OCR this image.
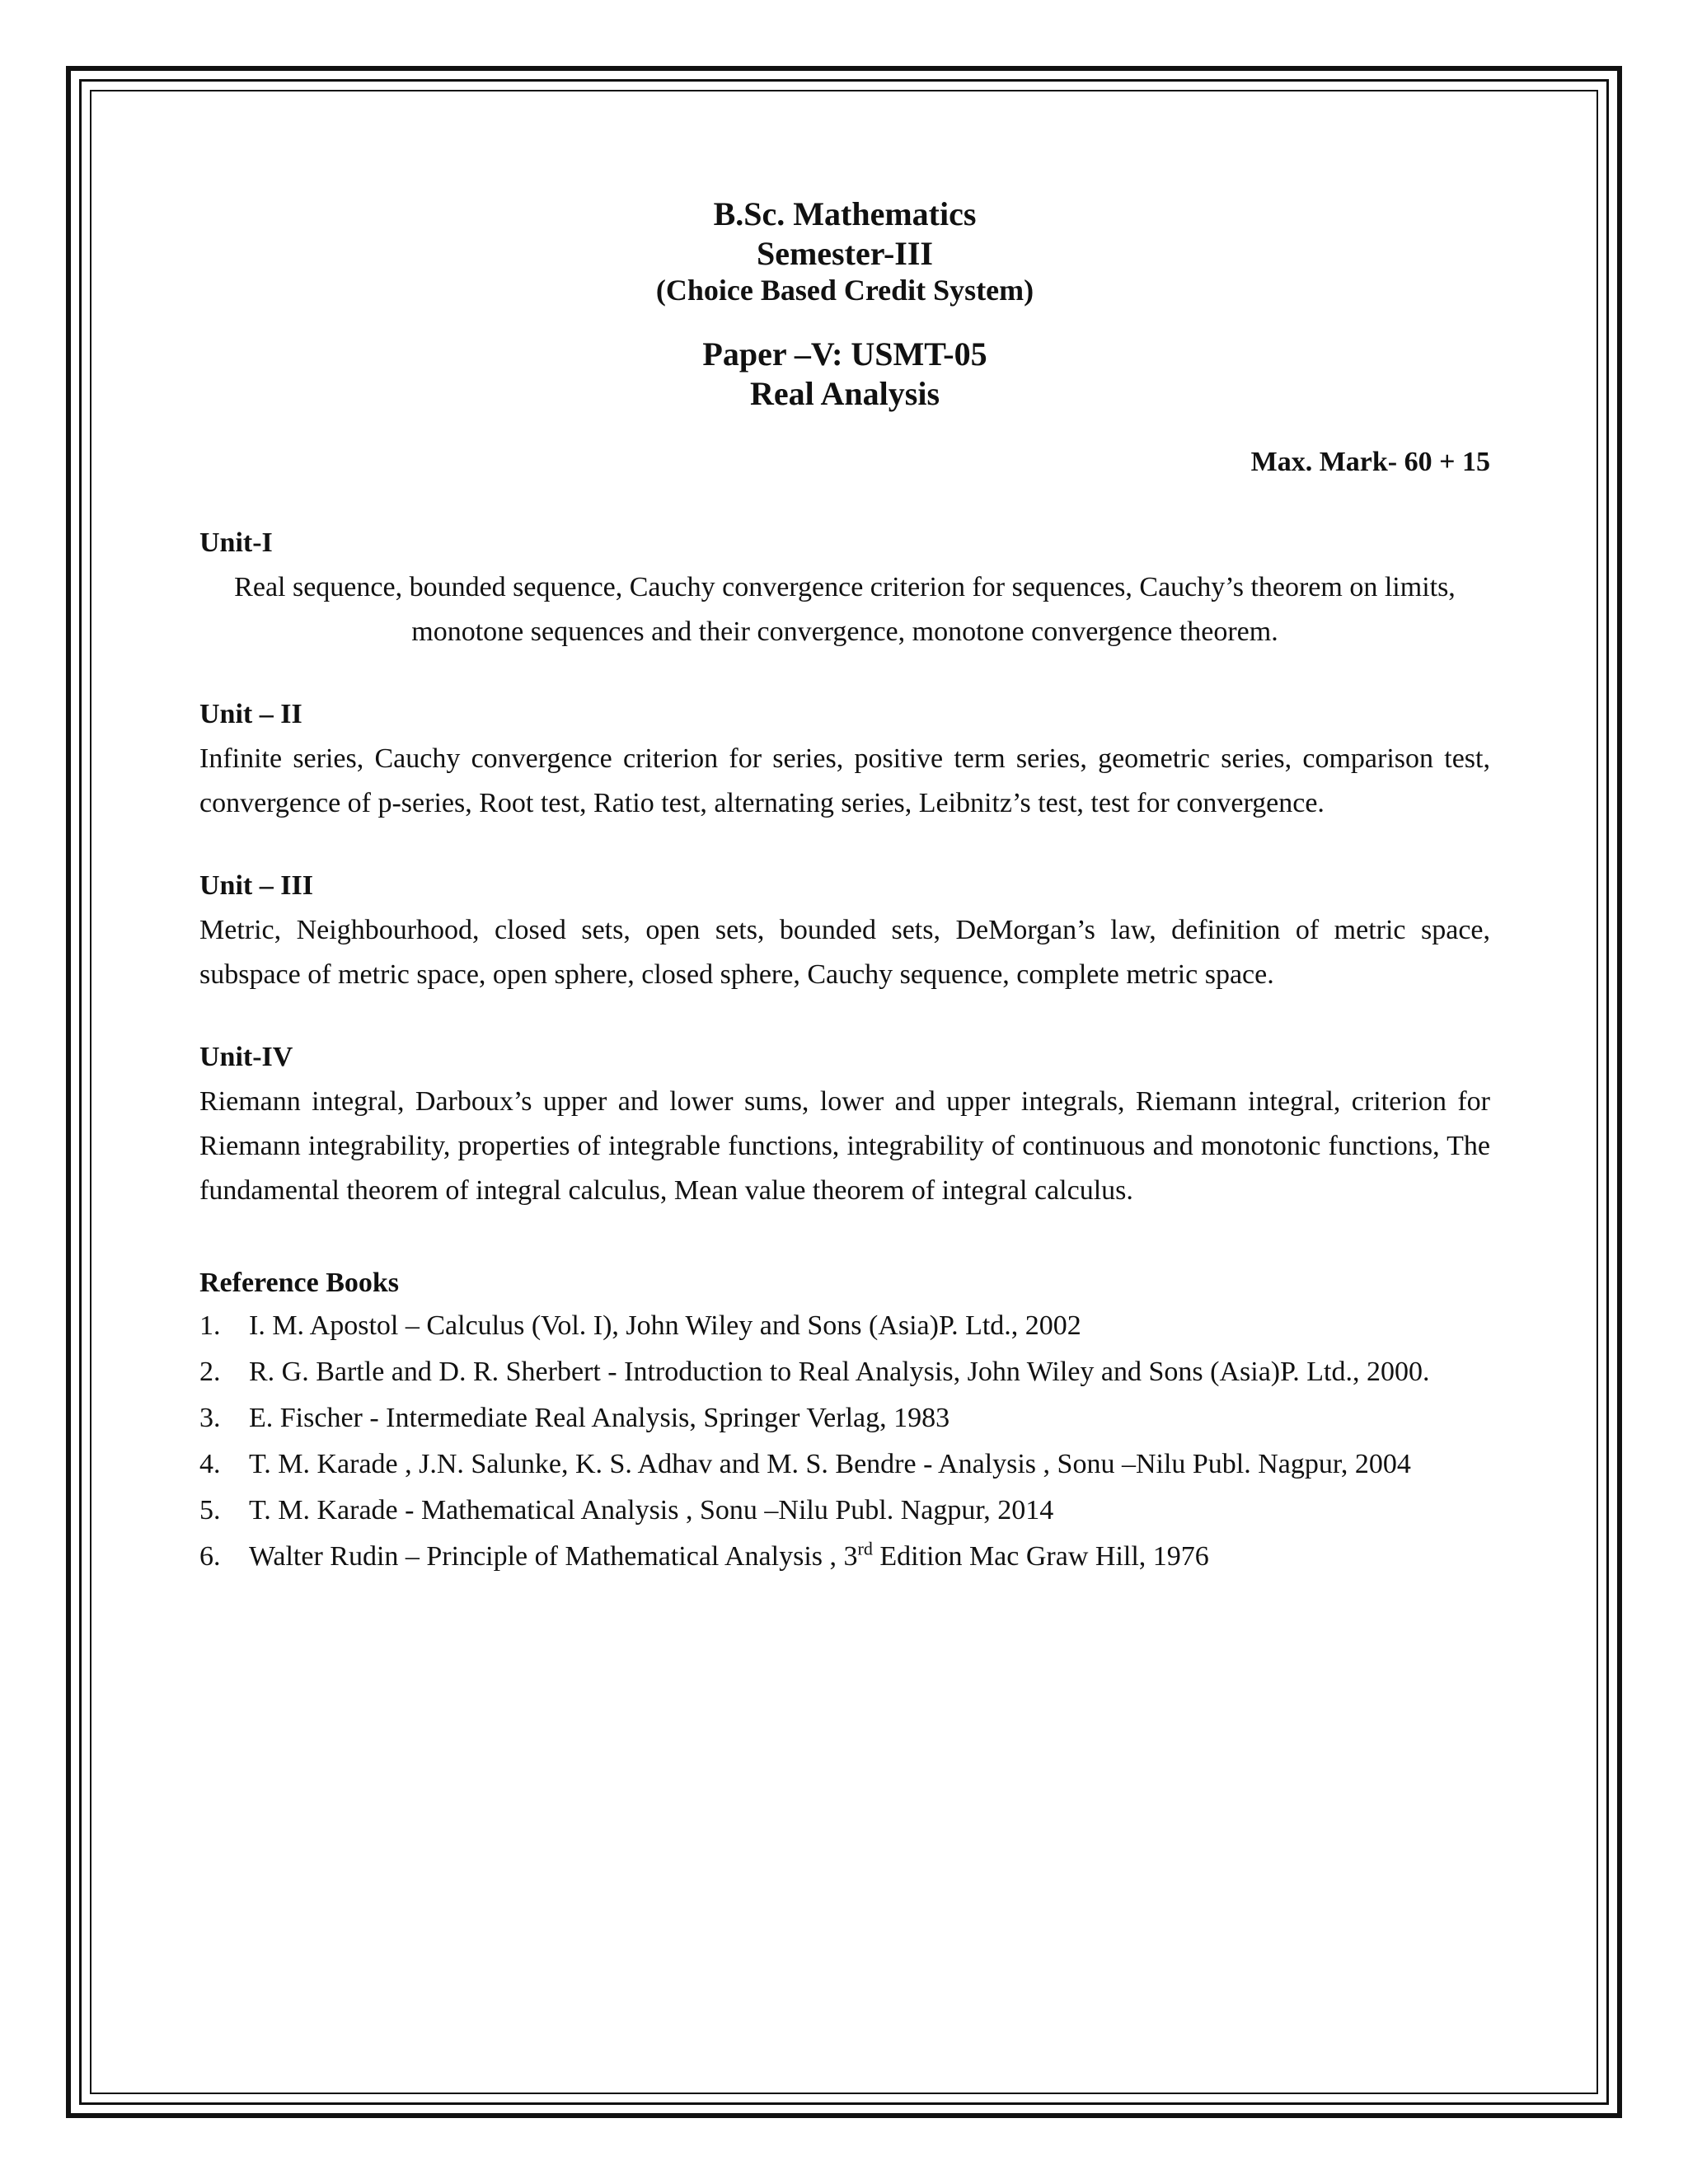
B.Sc. Mathematics

Semester-III

(Choice Based Credit System)

Paper –V: USMT-05

Real Analysis

Max. Mark- 60 + 15

Unit-I

Real sequence, bounded sequence, Cauchy convergence criterion for sequences, Cauchy’s theorem on limits, monotone sequences and their convergence, monotone convergence theorem.

Unit – II

Infinite series, Cauchy convergence criterion for series, positive term series, geometric series, comparison test, convergence of p-series, Root test, Ratio test, alternating series, Leibnitz’s test, test for convergence.

Unit – III

Metric, Neighbourhood, closed sets, open sets, bounded sets, DeMorgan’s law, definition of metric space, subspace of metric space, open sphere, closed sphere, Cauchy sequence, complete metric space.

Unit-IV

Riemann integral, Darboux’s upper and lower sums, lower and upper integrals, Riemann integral, criterion for Riemann integrability, properties of integrable functions, integrability of continuous and monotonic functions, The fundamental theorem of integral calculus, Mean value theorem of integral calculus.

Reference Books
1. I. M. Apostol – Calculus (Vol. I), John Wiley and Sons (Asia)P. Ltd., 2002
2. R. G. Bartle and D. R. Sherbert - Introduction to Real Analysis, John Wiley and Sons (Asia)P. Ltd., 2000.
3. E. Fischer - Intermediate Real Analysis, Springer Verlag, 1983
4. T. M. Karade , J.N. Salunke, K. S. Adhav and M. S. Bendre - Analysis , Sonu –Nilu Publ. Nagpur, 2004
5. T. M. Karade - Mathematical Analysis , Sonu –Nilu Publ. Nagpur, 2014
6. Walter Rudin – Principle of Mathematical Analysis , 3rd Edition Mac Graw Hill, 1976
